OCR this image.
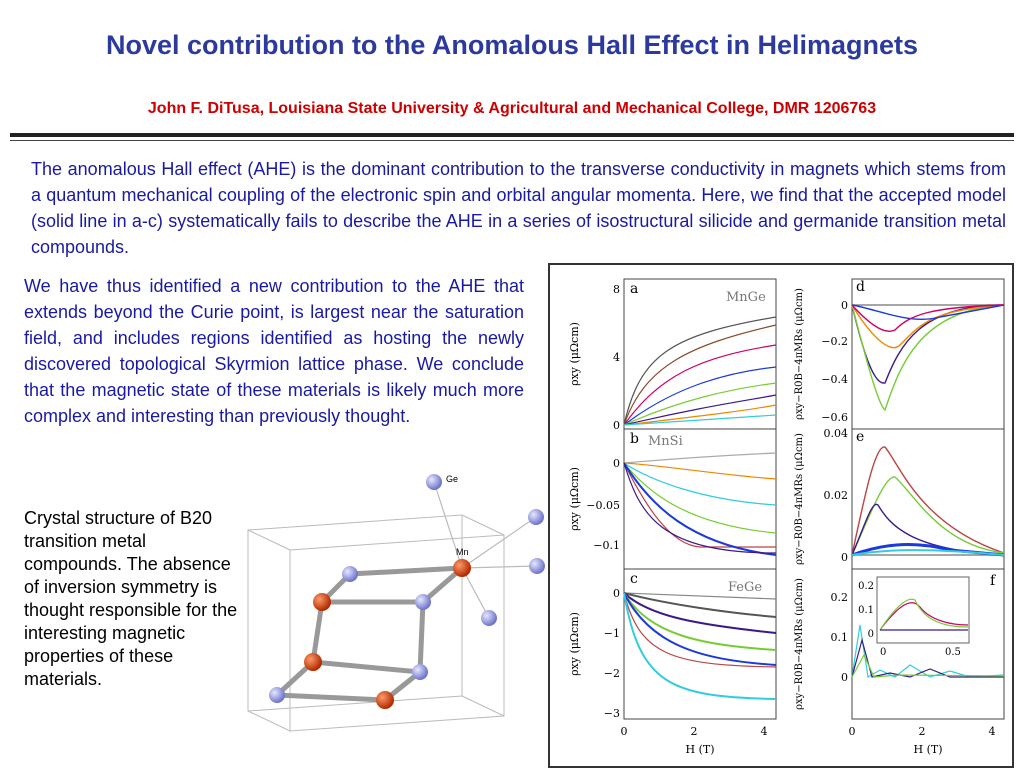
Novel contribution to the Anomalous Hall Effect in Helimagnets
John F. DiTusa, Louisiana State University & Agricultural and Mechanical College, DMR 1206763
The anomalous Hall effect (AHE) is the dominant contribution to the transverse conductivity in magnets which stems from a quantum mechanical coupling of the electronic spin and orbital angular momenta. Here, we find that the accepted model (solid line in a-c) systematically fails to describe the AHE in a series of isostructural silicide and germanide transition metal compounds.
We have thus identified a new contribution to the AHE that extends beyond the Curie point, is largest near the saturation field, and includes regions identified as hosting the newly discovered topological Skyrmion lattice phase. We conclude that the magnetic state of these materials is likely much more complex and interesting than previously thought.
Crystal structure of B20 transition metal compounds. The absence of inversion symmetry is thought responsible for the interesting magnetic properties of these materials.
Ge
Mn
a
b
c
d
e
f
MnGe
MnSi
FeGe
8
4
0
0
−0.05
−0.1
0
−1
−2
−3
0
−0.2
−0.4
−0.6
0.04
0.02
0
0.2
0.1
0
0.2
0.1
0
0	0.5
0	2	4	0	2	4
H (T)	H (T)
ρxy (μΩcm)
ρxy (μΩcm)
ρxy (μΩcm)
ρxy−R0B−4πMRs (μΩcm)
ρxy−R0B−4πMRs (μΩcm)
ρxy−R0B−4πMRs (μΩcm)
